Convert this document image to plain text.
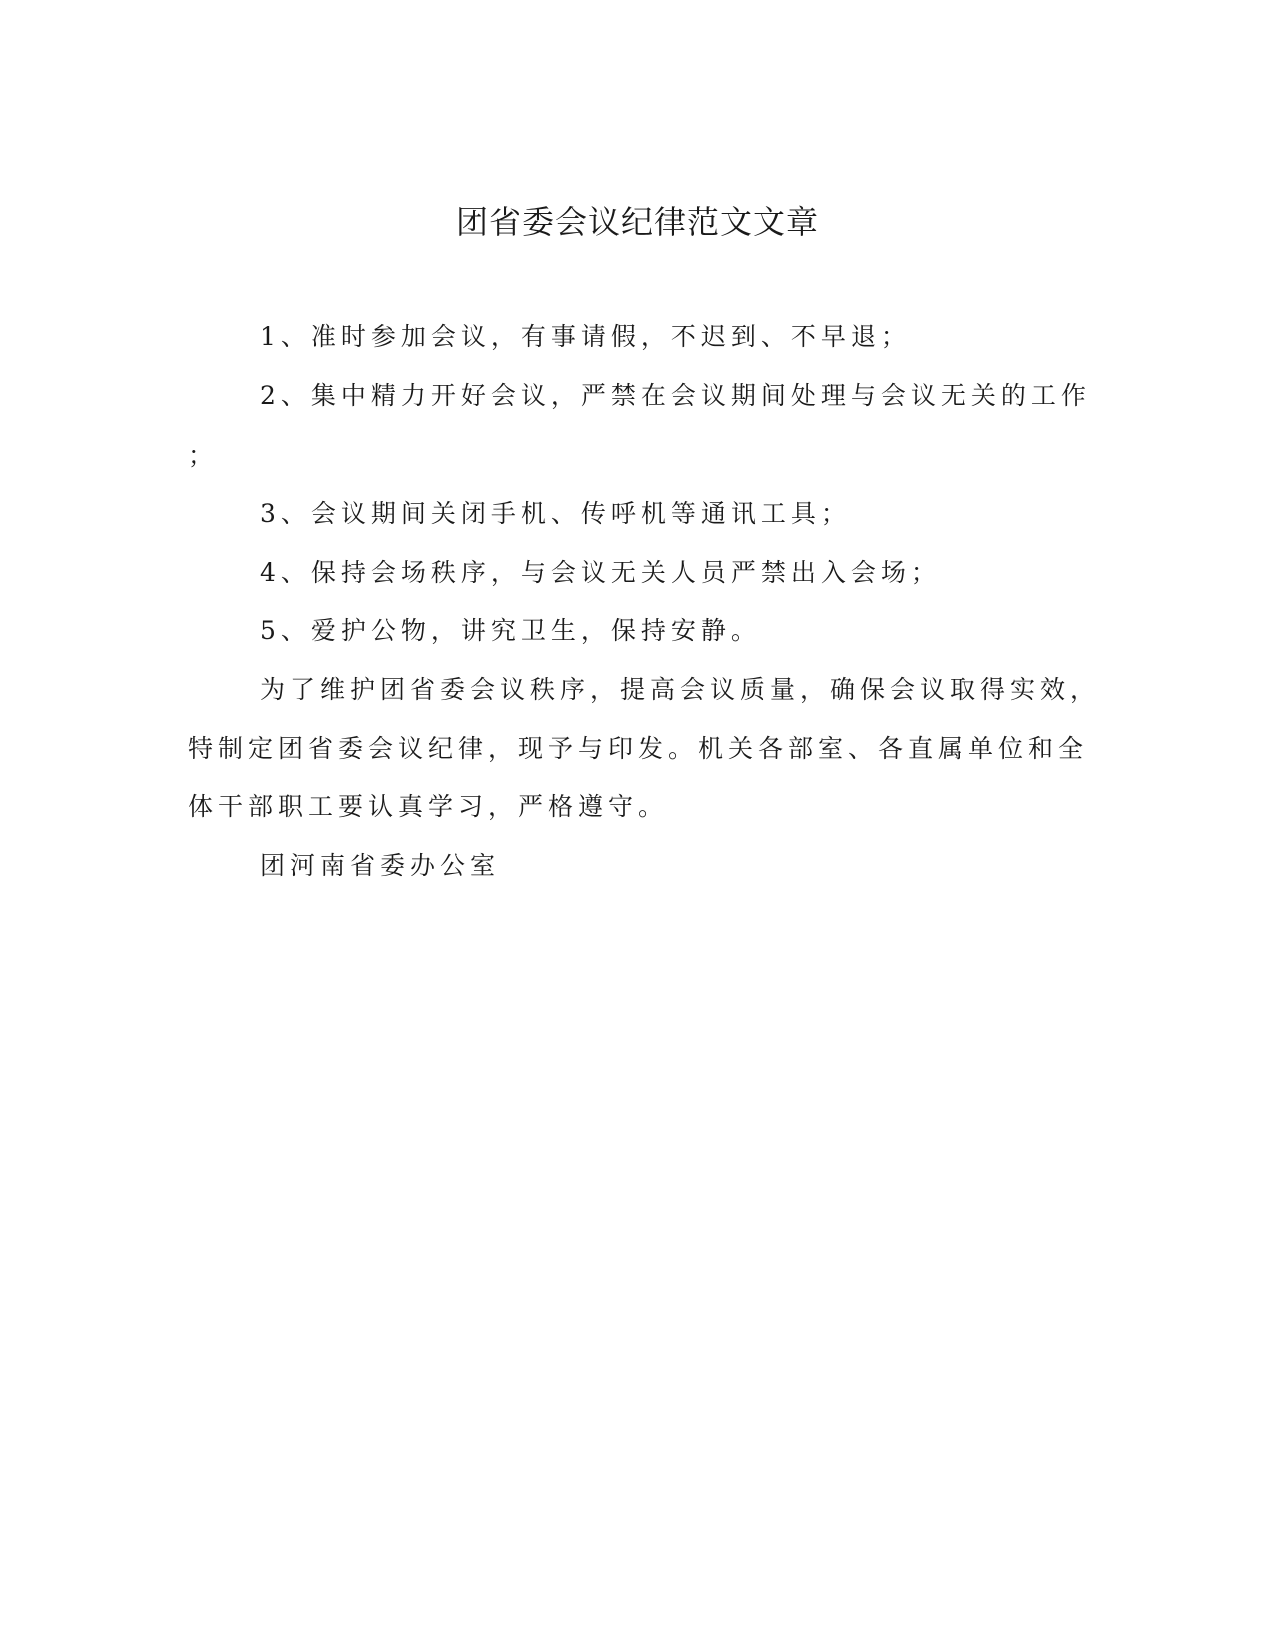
团省委会议纪律范文文章
1、准时参加会议，有事请假，不迟到、不早退；
2、集中精力开好会议，严禁在会议期间处理与会议无关的工作
；
3、会议期间关闭手机、传呼机等通讯工具；
4、保持会场秩序，与会议无关人员严禁出入会场；
5、爱护公物，讲究卫生，保持安静。
为了维护团省委会议秩序，提高会议质量，确保会议取得实效，
特制定团省委会议纪律，现予与印发。机关各部室、各直属单位和全
体干部职工要认真学习，严格遵守。
团河南省委办公室
